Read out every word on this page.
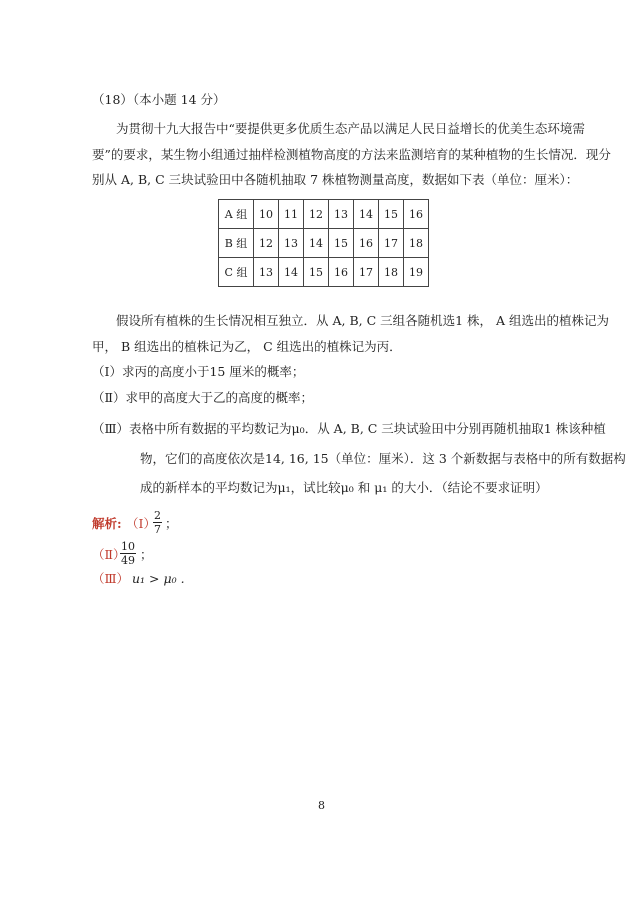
（18）（本小题 14 分）
为贯彻十九大报告中“要提供更多优质生态产品以满足人民日益增长的优美生态环境需
要”的要求，某生物小组通过抽样检测植物高度的方法来监测培育的某种植物的生长情况．现分
别从 A, B, C 三块试验田中各随机抽取 7 株植物测量高度，数据如下表（单位：厘米）：
A 组	10	11	12	13	14	15	16
B 组	12	13	14	15	16	17	18
C 组	13	14	15	16	17	18	19
假设所有植株的生长情况相互独立．从 A, B, C 三组各随机选1 株， A 组选出的植株记为
甲， B 组选出的植株记为乙， C 组选出的植株记为丙．
（Ⅰ）求丙的高度小于15 厘米的概率；
（Ⅱ）求甲的高度大于乙的高度的概率；
（Ⅲ）表格中所有数据的平均数记为μ₀．从 A, B, C 三块试验田中分别再随机抽取1 株该种植
物，它们的高度依次是14, 16, 15（单位：厘米）．这 3 个新数据与表格中的所有数据构
成的新样本的平均数记为μ₁，试比较μ₀ 和 μ₁ 的大小．（结论不要求证明）
解析: （Ⅰ）
$\frac{2}{7}$ ；
（Ⅱ）
$\frac{10}{49}$ ；
（Ⅲ） u₁ > μ₀ .
8
